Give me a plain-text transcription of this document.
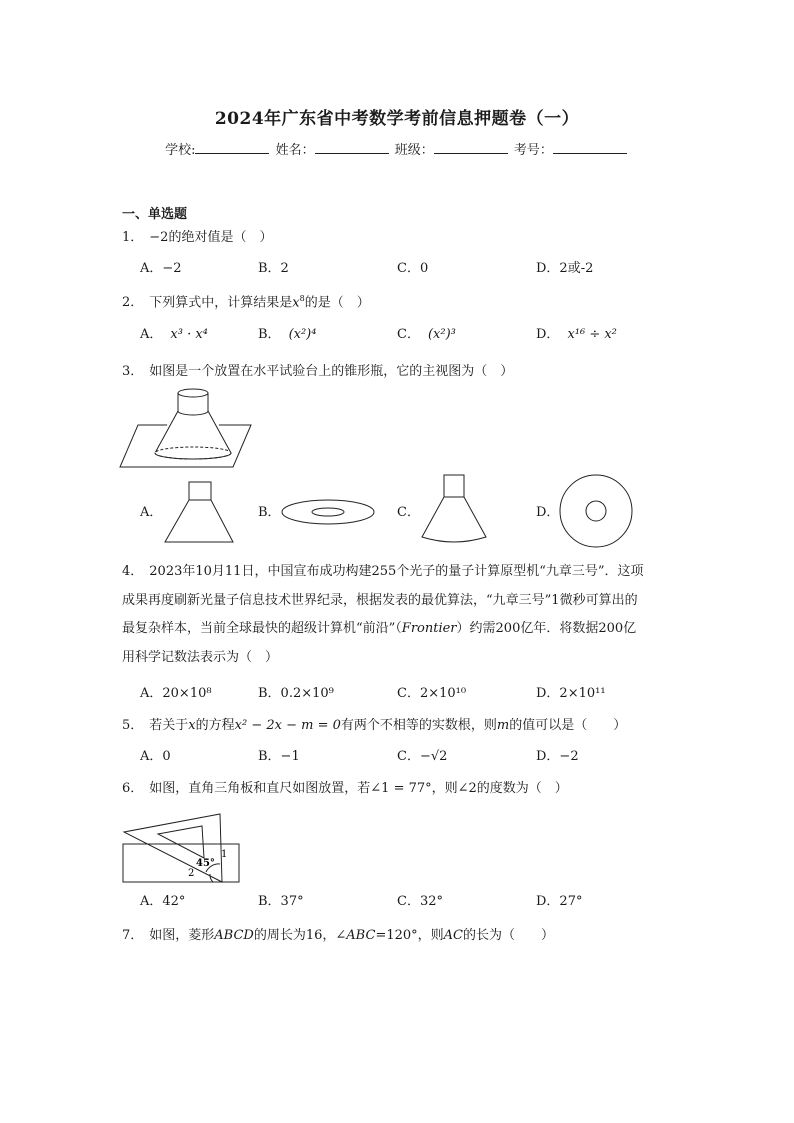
2024年广东省中考数学考前信息押题卷（一）
学校:	姓名：	班级：	考号：
一、单选题
1． −2的绝对值是（　）
A．−2	B．2	C．0	D．2或-2
2． 下列算式中，计算结果是$x^8$的是（　）
A． x³ · x⁴	B． (x²)⁴	C． (x²)³	D． x¹⁶ ÷ x²
3． 如图是一个放置在水平试验台上的锥形瓶，它的主视图为（　）
A．	B．	C．	D．
4． 2023年10月11日，中国宣布成功构建255个光子的量子计算原型机“九章三号”．这项
成果再度刷新光量子信息技术世界纪录，根据发表的最优算法，“九章三号”1微秒可算出的
最复杂样本，当前全球最快的超级计算机“前沿”（Frontier）约需200亿年．将数据200亿
用科学记数法表示为（　）
A．20×10⁸	B．0.2×10⁹	C．2×10¹⁰	D．2×10¹¹
5． 若关于x的方程x² − 2x − m = 0有两个不相等的实数根，则m的值可以是（　　）
A．0	B．−1	C．−√2	D．−2
6． 如图，直角三角板和直尺如图放置，若∠1 = 77°，则∠2的度数为（　）
45°
1
2
A．42°	B．37°	C．32°	D．27°
7． 如图，菱形ABCD的周长为16，∠ABC=120°，则AC的长为（　　）
